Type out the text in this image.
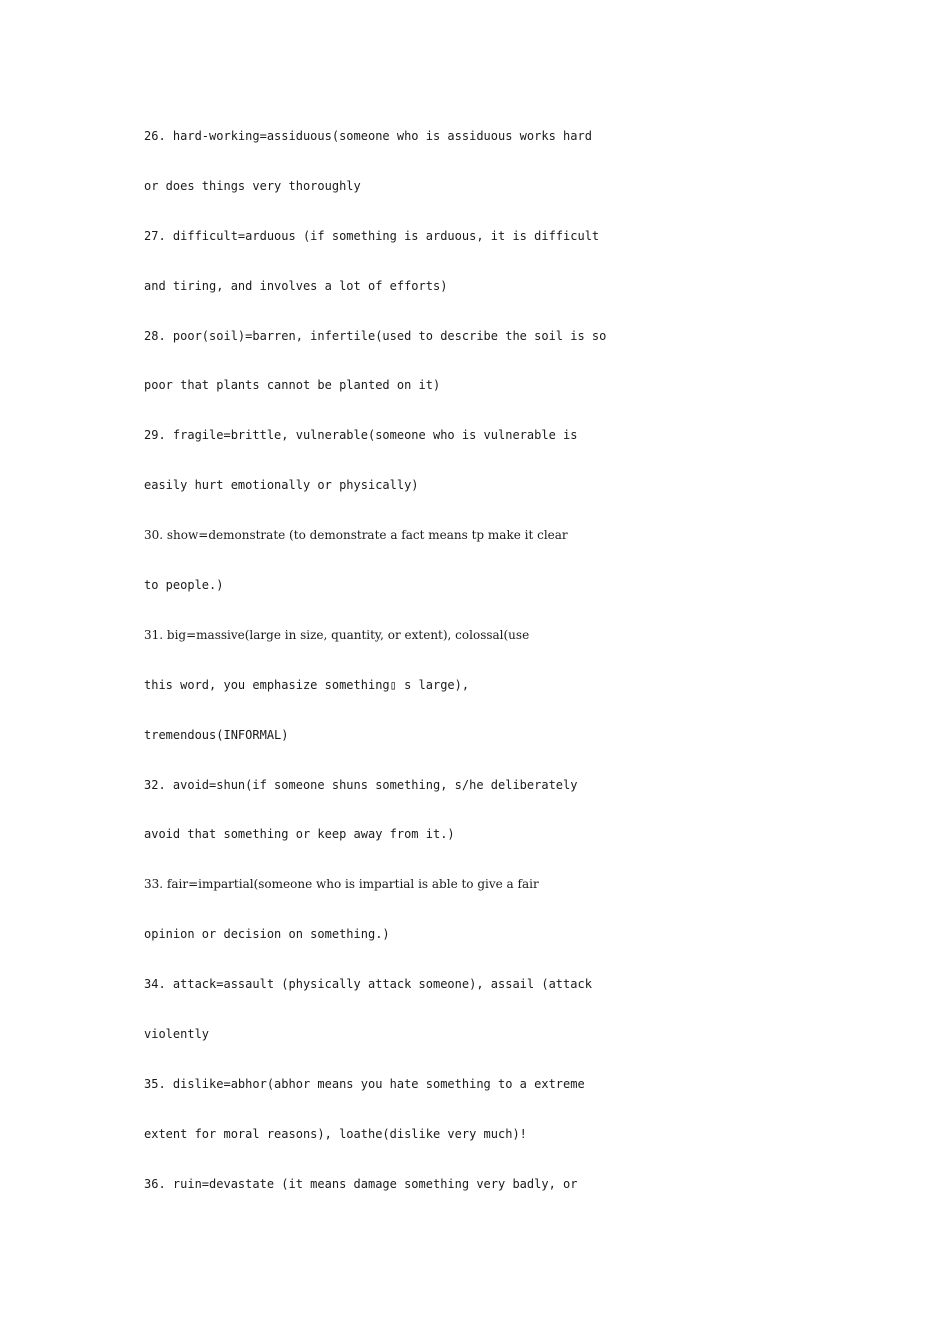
26. hard-working=assiduous(someone who is assiduous works hard
or does things very thoroughly
27. difficult=arduous (if something is arduous, it is difficult
and tiring, and involves a lot of efforts)
28. poor(soil)=barren, infertile(used to describe the soil is so
poor that plants cannot be planted on it)
29. fragile=brittle, vulnerable(someone who is vulnerable is
easily hurt emotionally or physically)
30. show=demonstrate (to demonstrate a fact means tp make it clear
to people.)
31. big=massive(large in size, quantity, or extent), colossal(use
this word, you emphasize something▯ s large),
tremendous(INFORMAL)
32. avoid=shun(if someone shuns something, s/he deliberately
avoid that something or keep away from it.)
33. fair=impartial(someone who is impartial is able to give a fair
opinion or decision on something.)
34. attack=assault (physically attack someone), assail (attack
violently
35. dislike=abhor(abhor means you hate something to a extreme
extent for moral reasons), loathe(dislike very much)!
36. ruin=devastate (it means damage something very badly, or
